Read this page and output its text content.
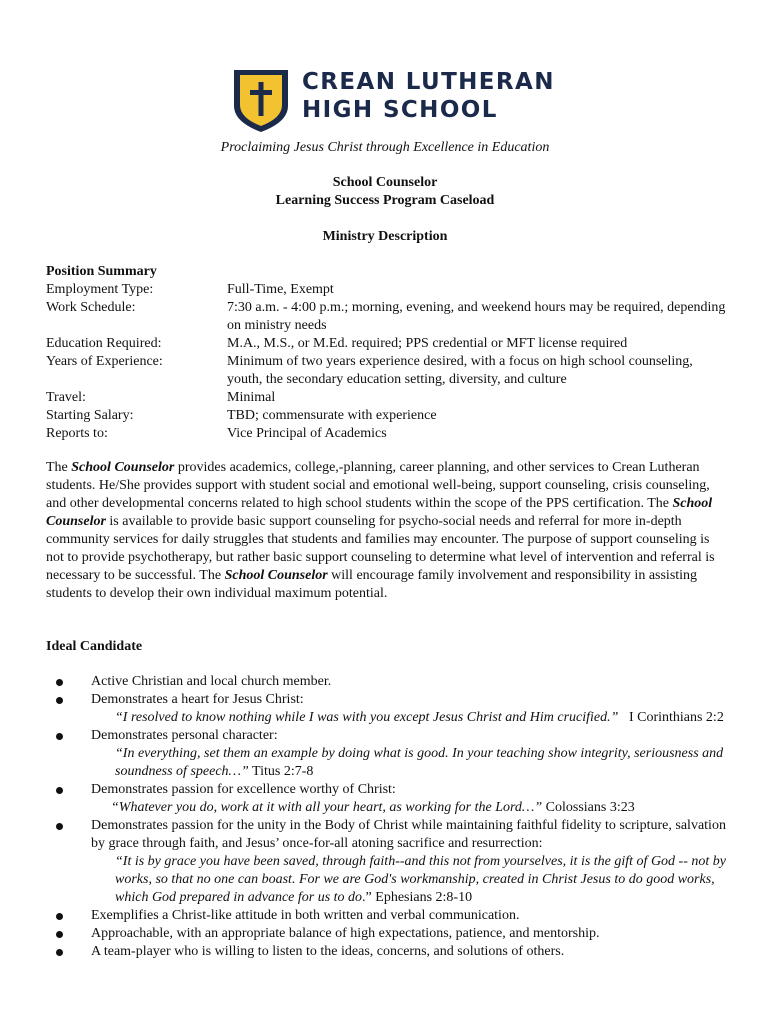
CREAN LUTHERAN
HIGH SCHOOL
Proclaiming Jesus Christ through Excellence in Education
School Counselor
Learning Success Program Caseload
Ministry Description
Position Summary
Employment Type:	Full-Time, Exempt
Work Schedule:	7:30 a.m. - 4:00 p.m.; morning, evening, and weekend hours may be required, depending on ministry needs
Education Required:	M.A., M.S., or M.Ed. required; PPS credential or MFT license required
Years of Experience:	Minimum of two years experience desired, with a focus on high school counseling, youth, the secondary education setting, diversity, and culture
Travel:	Minimal
Starting Salary:	TBD; commensurate with experience
Reports to:	Vice Principal of Academics
The School Counselor provides academics, college,-planning, career planning, and other services to Crean Lutheran students. He/She provides support with student social and emotional well-being, support counseling, crisis counseling, and other developmental concerns related to high school students within the scope of the PPS certification. The School Counselor is available to provide basic support counseling for psycho-social needs and referral for more in-depth community services for daily struggles that students and families may encounter. The purpose of support counseling is not to provide psychotherapy, but rather basic support counseling to determine what level of intervention and referral is necessary to be successful. The School Counselor will encourage family involvement and responsibility in assisting students to develop their own individual maximum potential.
Ideal Candidate
Active Christian and local church member.
Demonstrates a heart for Jesus Christ:
“I resolved to know nothing while I was with you except Jesus Christ and Him crucified.” I Corinthians 2:2
Demonstrates personal character:
“In everything, set them an example by doing what is good. In your teaching show integrity, seriousness and soundness of speech…” Titus 2:7-8
Demonstrates passion for excellence worthy of Christ:
“Whatever you do, work at it with all your heart, as working for the Lord…” Colossians 3:23
Demonstrates passion for the unity in the Body of Christ while maintaining faithful fidelity to scripture, salvation by grace through faith, and Jesus’ once-for-all atoning sacrifice and resurrection:
“It is by grace you have been saved, through faith--and this not from yourselves, it is the gift of God -- not by works, so that no one can boast. For we are God's workmanship, created in Christ Jesus to do good works, which God prepared in advance for us to do.” Ephesians 2:8-10
Exemplifies a Christ-like attitude in both written and verbal communication.
Approachable, with an appropriate balance of high expectations, patience, and mentorship.
A team-player who is willing to listen to the ideas, concerns, and solutions of others.
